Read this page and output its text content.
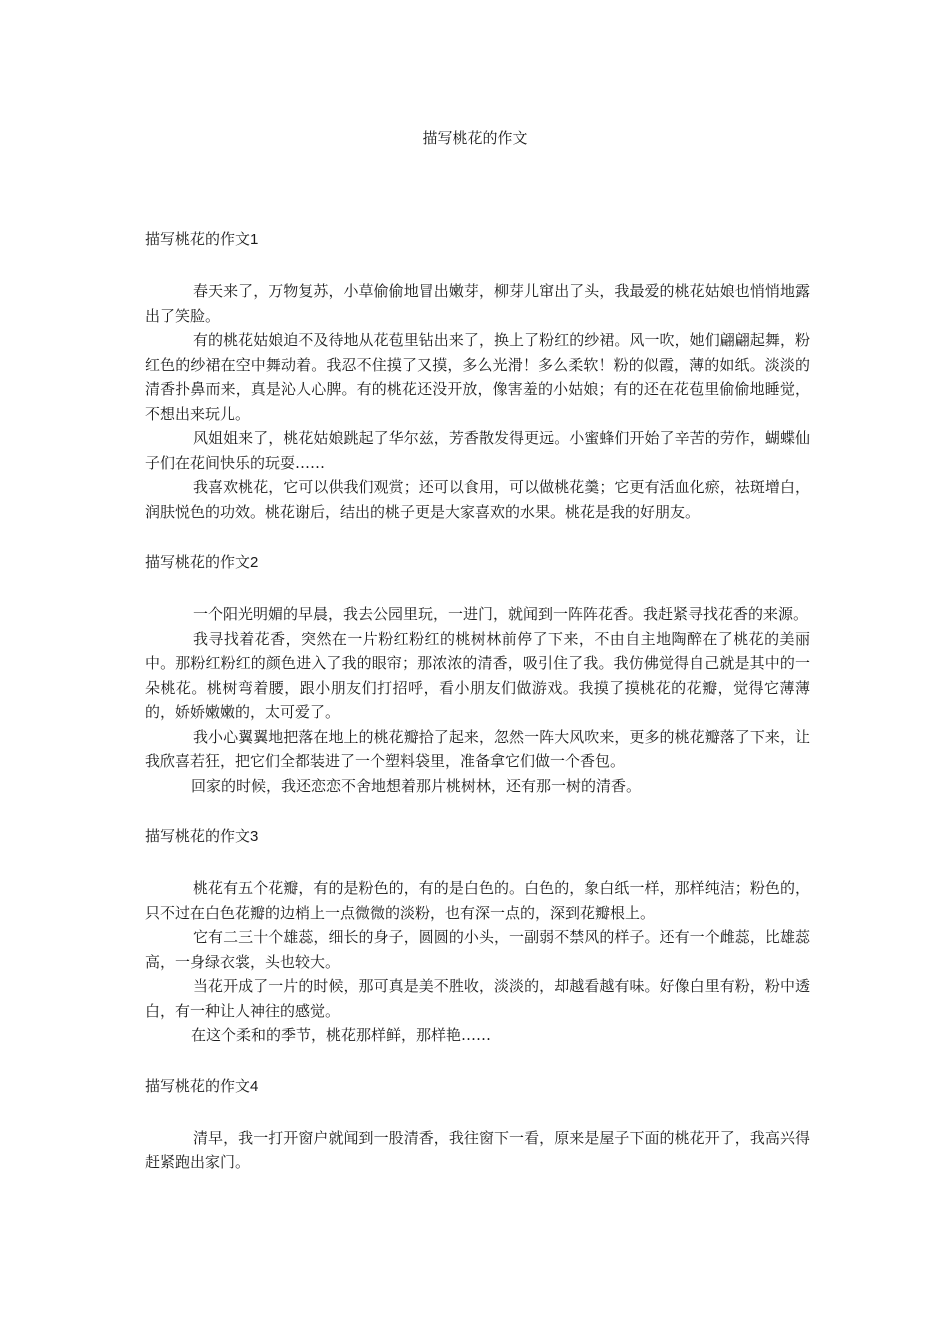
描写桃花的作文
描写桃花的作文1

春天来了，万物复苏，小草偷偷地冒出嫩芽，柳芽儿窜出了头，我最爱的桃花姑娘也悄悄地露出了笑脸。

有的桃花姑娘迫不及待地从花苞里钻出来了，换上了粉红的纱裙。风一吹，她们翩翩起舞，粉红色的纱裙在空中舞动着。我忍不住摸了又摸，多么光滑！多么柔软！粉的似霞，薄的如纸。淡淡的清香扑鼻而来，真是沁人心脾。有的桃花还没开放，像害羞的小姑娘；有的还在花苞里偷偷地睡觉，不想出来玩儿。

风姐姐来了，桃花姑娘跳起了华尔兹，芳香散发得更远。小蜜蜂们开始了辛苦的劳作，蝴蝶仙子们在花间快乐的玩耍……

我喜欢桃花，它可以供我们观赏；还可以食用，可以做桃花羹；它更有活血化瘀，祛斑增白，润肤悦色的功效。桃花谢后，结出的桃子更是大家喜欢的水果。桃花是我的好朋友。

描写桃花的作文2

一个阳光明媚的早晨，我去公园里玩，一进门，就闻到一阵阵花香。我赶紧寻找花香的来源。

我寻找着花香，突然在一片粉红粉红的桃树林前停了下来，不由自主地陶醉在了桃花的美丽中。那粉红粉红的颜色进入了我的眼帘；那浓浓的清香，吸引住了我。我仿佛觉得自己就是其中的一朵桃花。桃树弯着腰，跟小朋友们打招呼，看小朋友们做游戏。我摸了摸桃花的花瓣，觉得它薄薄的，娇娇嫩嫩的，太可爱了。

我小心翼翼地把落在地上的桃花瓣拾了起来，忽然一阵大风吹来，更多的桃花瓣落了下来，让我欣喜若狂，把它们全都装进了一个塑料袋里，准备拿它们做一个香包。

回家的时候，我还恋恋不舍地想着那片桃树林，还有那一树的清香。

描写桃花的作文3

桃花有五个花瓣，有的是粉色的，有的是白色的。白色的，象白纸一样，那样纯洁；粉色的，只不过在白色花瓣的边梢上一点微微的淡粉，也有深一点的，深到花瓣根上。

它有二三十个雄蕊，细长的身子，圆圆的小头，一副弱不禁风的样子。还有一个雌蕊，比雄蕊高，一身绿衣裳，头也较大。

当花开成了一片的时候，那可真是美不胜收，淡淡的，却越看越有味。好像白里有粉，粉中透白，有一种让人神往的感觉。

在这个柔和的季节，桃花那样鲜，那样艳……

描写桃花的作文4

清早，我一打开窗户就闻到一股清香，我往窗下一看，原来是屋子下面的桃花开了，我高兴得赶紧跑出家门。
